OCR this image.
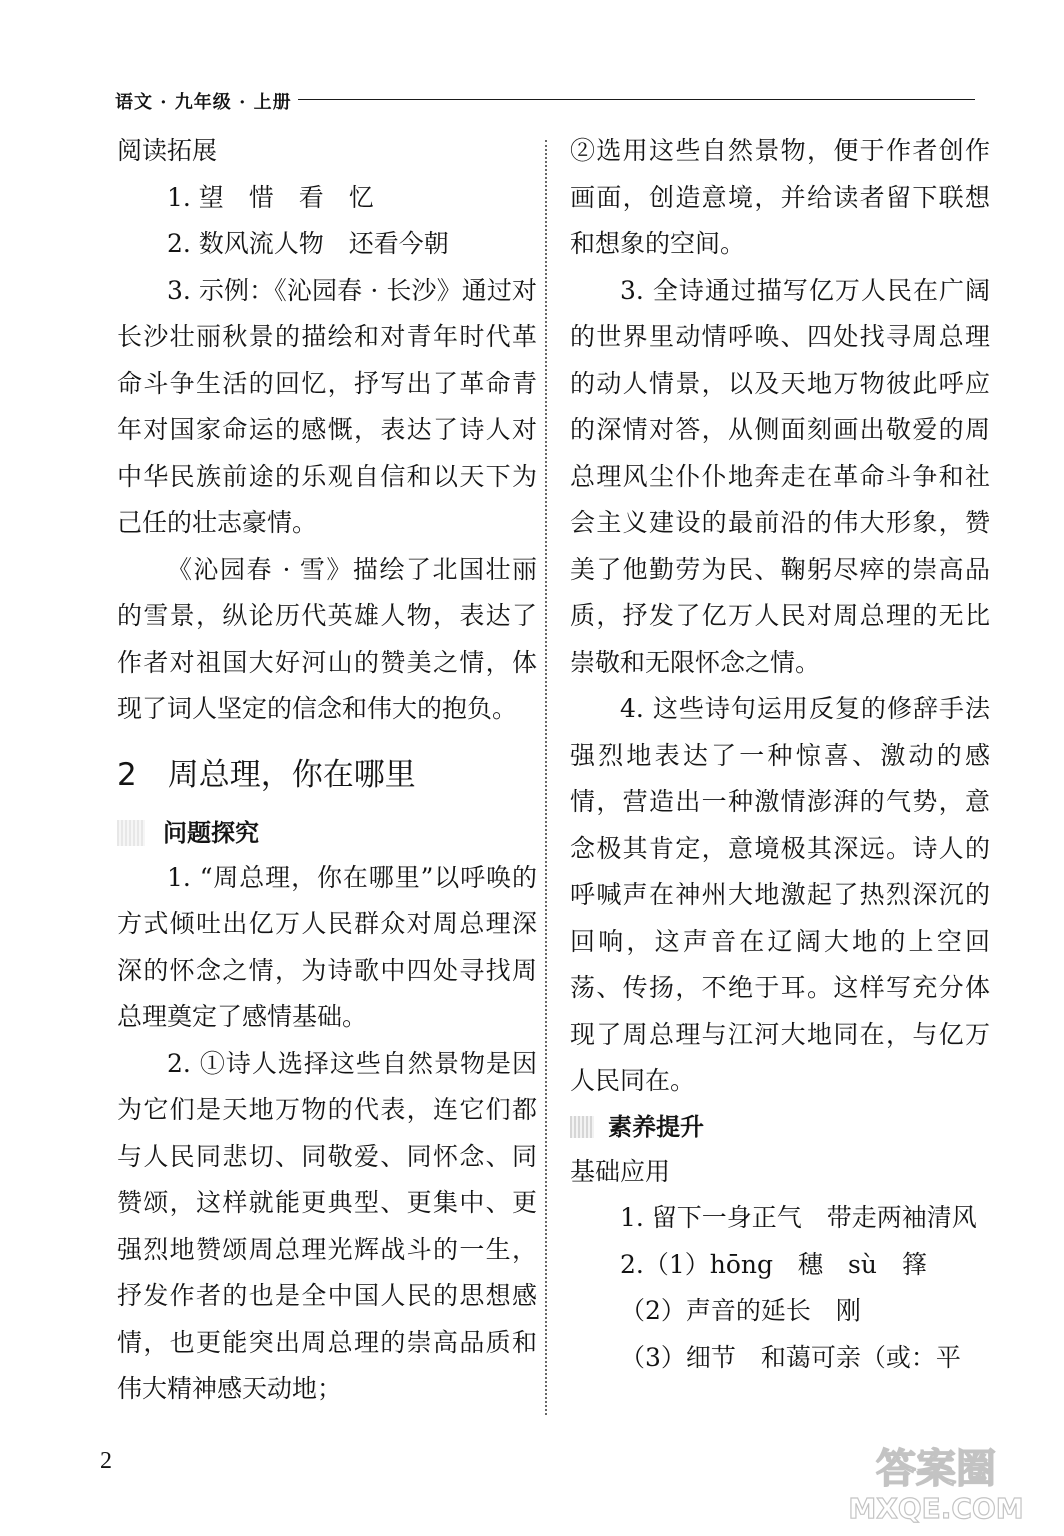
语文 · 九年级 · 上册

阅读拓展

1. 望　惜　看　忆

2. 数风流人物　还看今朝

3. 示例：《沁园春 · 长沙》通过对长沙壮丽秋景的描绘和对青年时代革命斗争生活的回忆，抒写出了革命青年对国家命运的感慨，表达了诗人对中华民族前途的乐观自信和以天下为己任的壮志豪情。

《沁园春 · 雪》描绘了北国壮丽的雪景，纵论历代英雄人物，表达了作者对祖国大好河山的赞美之情，体现了词人坚定的信念和伟大的抱负。

2　周总理，你在哪里

问题探究

1. “周总理，你在哪里”以呼唤的方式倾吐出亿万人民群众对周总理深深的怀念之情，为诗歌中四处寻找周总理奠定了感情基础。

2. ①诗人选择这些自然景物是因为它们是天地万物的代表，连它们都与人民同悲切、同敬爱、同怀念、同赞颂，这样就能更典型、更集中、更强烈地赞颂周总理光辉战斗的一生，抒发作者的也是全中国人民的思想感情，也更能突出周总理的崇高品质和伟大精神感天动地；

②选用这些自然景物，便于作者创作画面，创造意境，并给读者留下联想和想象的空间。

3. 全诗通过描写亿万人民在广阔的世界里动情呼唤、四处找寻周总理的动人情景，以及天地万物彼此呼应的深情对答，从侧面刻画出敬爱的周总理风尘仆仆地奔走在革命斗争和社会主义建设的最前沿的伟大形象，赞美了他勤劳为民、鞠躬尽瘁的崇高品质，抒发了亿万人民对周总理的无比崇敬和无限怀念之情。

4. 这些诗句运用反复的修辞手法强烈地表达了一种惊喜、激动的感情，营造出一种激情澎湃的气势，意念极其肯定，意境极其深远。诗人的呼喊声在神州大地激起了热烈深沉的回响，这声音在辽阔大地的上空回荡、传扬，不绝于耳。这样写充分体现了周总理与江河大地同在，与亿万人民同在。

素养提升

基础应用

1. 留下一身正气　带走两袖清风

2.（1）hōng　穗　sù　箨

（2）声音的延长　刚

（3）细节　和蔼可亲（或：平

2	答案圈
MXQE.COM
